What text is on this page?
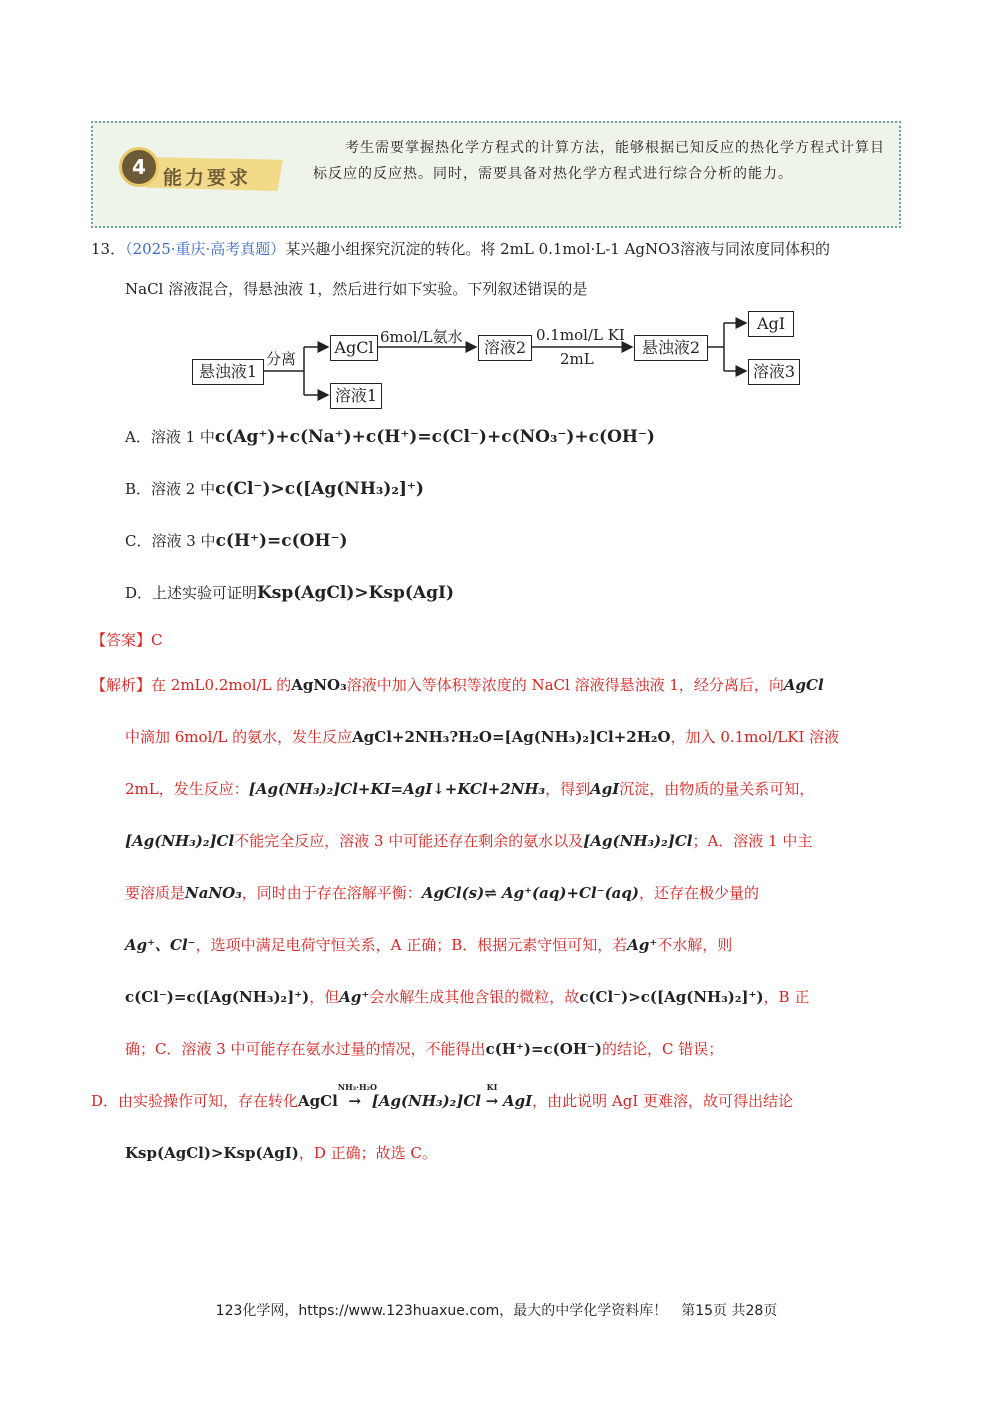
4 能力要求
考生需要掌握热化学方程式的计算方法，能够根据已知反应的热化学方程式计算目标反应的反应热。同时，需要具备对热化学方程式进行综合分析的能力。
13．（2025·重庆·高考真题）某兴趣小组探究沉淀的转化。将 2mL 0.1mol·L-1 AgNO3溶液与同浓度同体积的
NaCl 溶液混合，得悬浊液 1，然后进行如下实验。下列叙述错误的是
悬浊液1
分离
AgCl
溶液1
6mol/L氨水
溶液2
0.1mol/L KI
2mL
悬浊液2
AgI
溶液3
A．溶液 1 中c(Ag⁺)+c(Na⁺)+c(H⁺)=c(Cl⁻)+c(NO₃⁻)+c(OH⁻)
B．溶液 2 中c(Cl⁻)>c([Ag(NH₃)₂]⁺)
C．溶液 3 中c(H⁺)=c(OH⁻)
D．上述实验可证明Ksp(AgCl)>Ksp(AgI)
【答案】C
【解析】在 2mL0.2mol/L 的AgNO₃溶液中加入等体积等浓度的 NaCl 溶液得悬浊液 1，经分离后，向AgCl
中滴加 6mol/L 的氨水，发生反应AgCl+2NH₃?H₂O=[Ag(NH₃)₂]Cl+2H₂O，加入 0.1mol/LKI 溶液
2mL，发生反应：[Ag(NH₃)₂]Cl+KI=AgI↓+KCl+2NH₃，得到AgI沉淀，由物质的量关系可知，
[Ag(NH₃)₂]Cl不能完全反应，溶液 3 中可能还存在剩余的氨水以及[Ag(NH₃)₂]Cl；A．溶液 1 中主
要溶质是NaNO₃，同时由于存在溶解平衡：AgCl(s)⇌ Ag⁺(aq)+Cl⁻(aq)，还存在极少量的
Ag⁺、Cl⁻，选项中满足电荷守恒关系，A 正确；B．根据元素守恒可知，若Ag⁺不水解，则
c(Cl⁻)=c([Ag(NH₃)₂]⁺)，但Ag⁺会水解生成其他含银的微粒，故c(Cl⁻)>c([Ag(NH₃)₂]⁺)，B 正
确；C．溶液 3 中可能存在氨水过量的情况，不能得出c(H⁺)=c(OH⁻)的结论，C 错误；
D．由实验操作可知，存在转化AgCl
NH₃·H₂O
→ [Ag(NH₃)₂]Cl
KI
→ AgI，由此说明 AgI 更难溶，故可得出结论
Ksp(AgCl)>Ksp(AgI)，D 正确；故选 C。
123化学网，https://www.123huaxue.com，最大的中学化学资料库！　第15页 共28页
